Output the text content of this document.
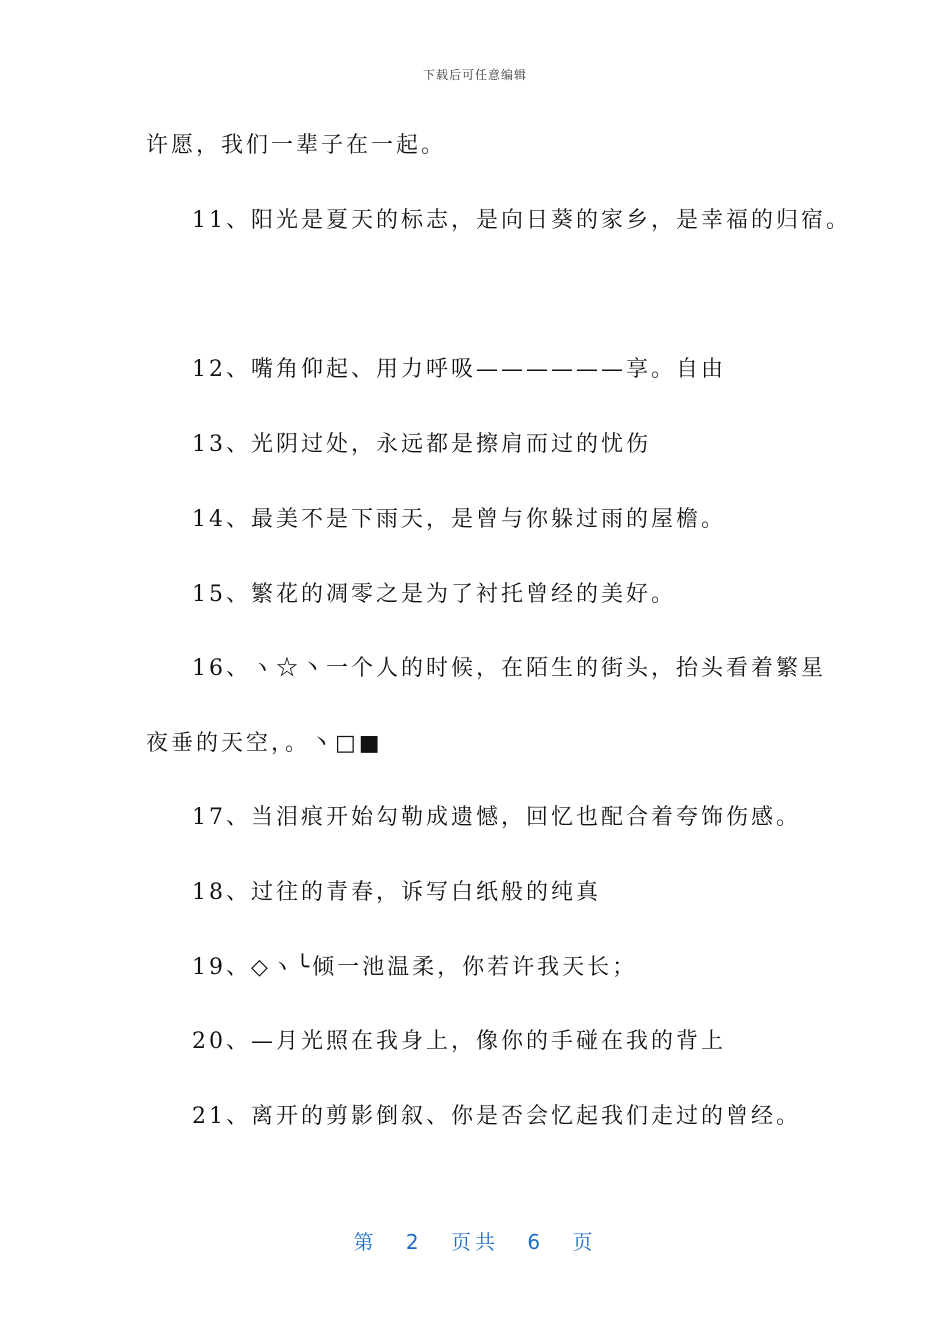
下载后可任意编辑
许愿，我们一辈子在一起。
11、阳光是夏天的标志，是向日葵的家乡，是幸福的归宿。
12、嘴角仰起、用力呼吸——————享。自由
13、光阴过处，永远都是擦肩而过的忧伤
14、最美不是下雨天，是曾与你躲过雨的屋檐。
15、繁花的凋零之是为了衬托曾经的美好。
16、ヽ☆丶一个人的时候，在陌生的街头，抬头看着繁星
夜垂的天空，。丶□■
17、当泪痕开始勾勒成遗憾，回忆也配合着夸饰伤感。
18、过往的青春，诉写白纸般的纯真
19、◇ヽ╰倾一池温柔，你若许我天长；
20、—月光照在我身上，像你的手碰在我的背上
21、离开的剪影倒叙、你是否会忆起我们走过的曾经。
第 2 页共 6 页
